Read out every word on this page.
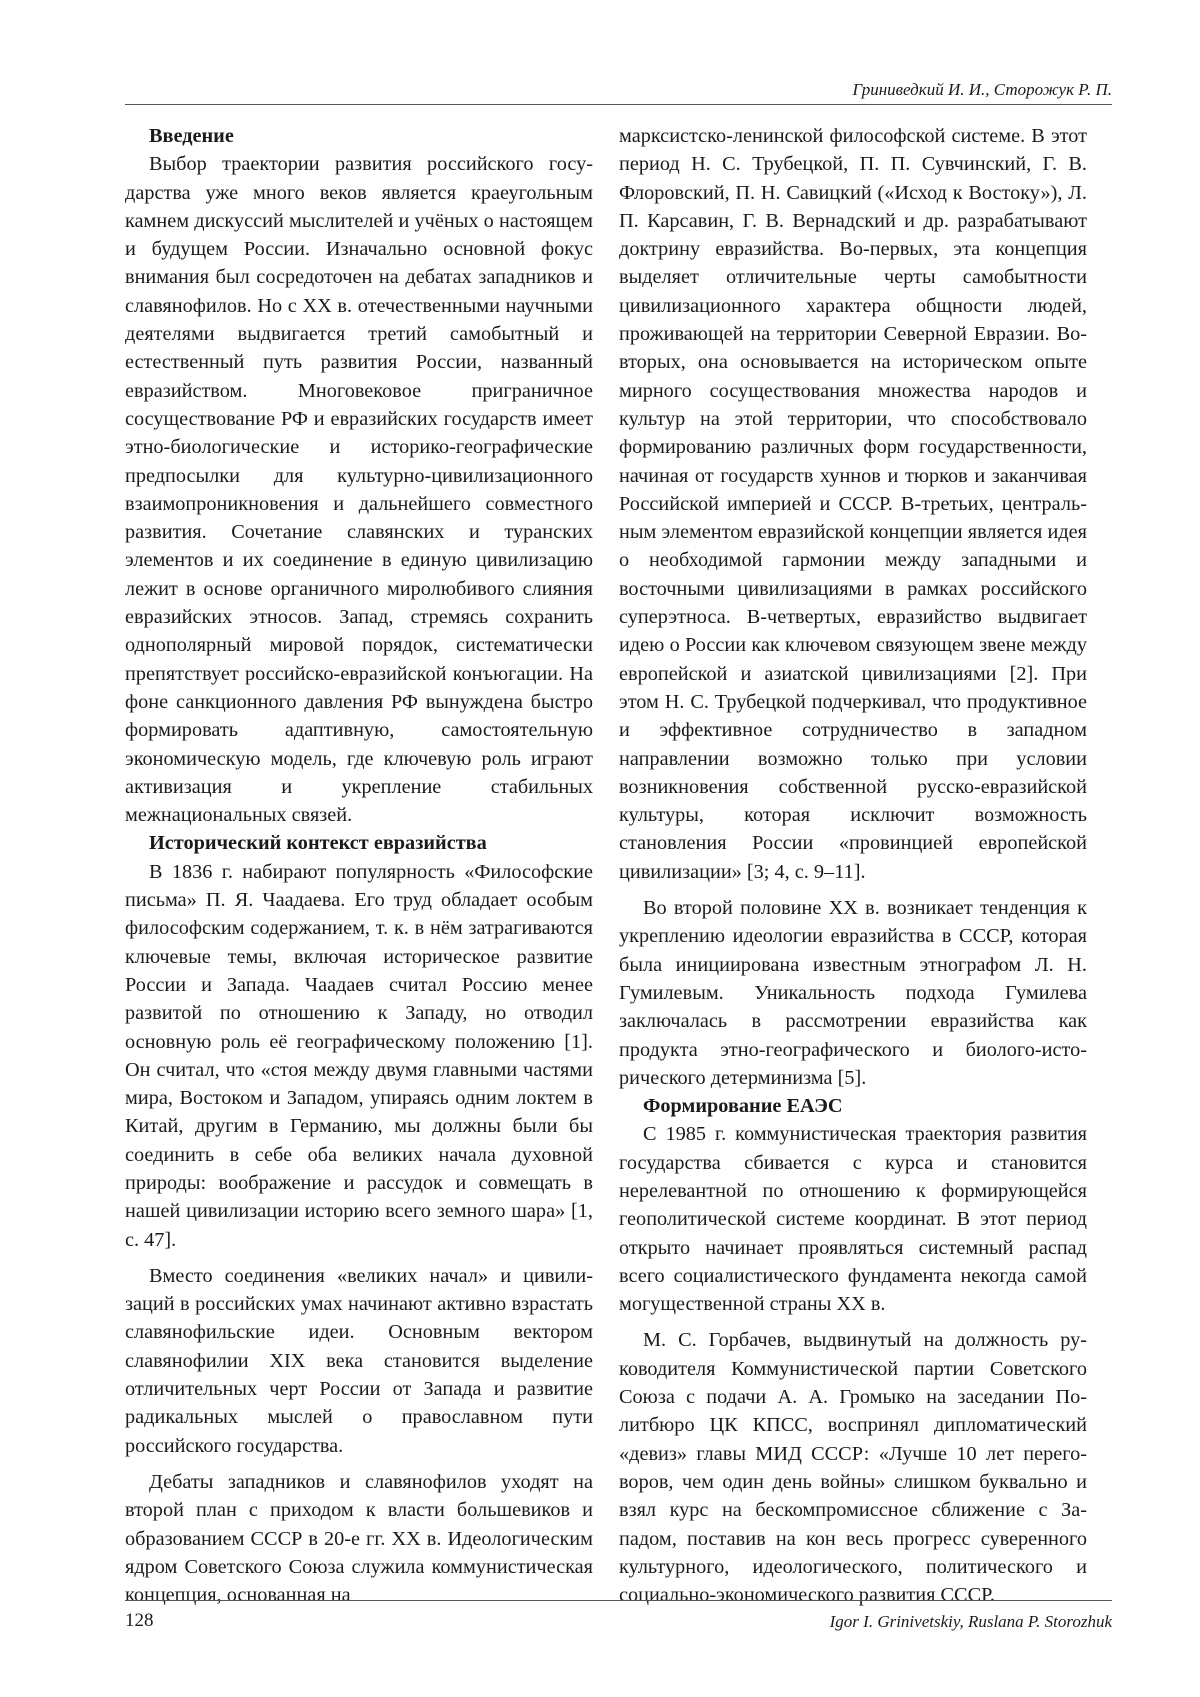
Гриниведкий И. И., Сторожук Р. П.
Введение

Выбор траектории развития российского государства уже много веков является краеугольным камнем дискуссий мыслителей и учёных о настоящем и будущем России. Изначально основной фокус внимания был сосредоточен на дебатах западников и славянофилов. Но с XX в. отечественными научными деятелями выдвигается третий самобытный и естественный путь развития России, названный евразийством. Многовековое приграничное сосуществование РФ и евразийских государств имеет этно-биологические и историко-географические предпосылки для культурно-цивилизационного взаимопроникновения и дальнейшего совместного развития. Сочетание славянских и туранских элементов и их соединение в единую цивилизацию лежит в основе органичного миролюбивого слияния евразийских этносов. Запад, стремясь сохранить однополярный мировой порядок, систематически препятствует российско-евразийской конъюгации. На фоне санкционного давления РФ вынуждена быстро формировать адаптивную, самостоятельную экономическую модель, где ключевую роль играют активизация и укрепление стабильных межнациональных связей.

Исторический контекст евразийства

В 1836 г. набирают популярность «Философские письма» П. Я. Чаадаева. Его труд обладает особым философским содержанием, т. к. в нём затрагиваются ключевые темы, включая историческое развитие России и Запада. Чаадаев считал Россию менее развитой по отношению к Западу, но отводил основную роль её географическому положению [1]. Он считал, что «стоя между двумя главными частями мира, Востоком и Западом, упираясь одним локтем в Китай, другим в Германию, мы должны были бы соединить в себе оба великих начала духовной природы: воображение и рассудок и совмещать в нашей цивилизации историю всего земного шара» [1, с. 47].

Вместо соединения «великих начал» и цивилизаций в российских умах начинают активно взрастать славянофильские идеи. Основным вектором славянофилии XIX века становится выделение отличительных черт России от Запада и развитие радикальных мыслей о православном пути российского государства.

Дебаты западников и славянофилов уходят на второй план с приходом к власти большевиков и образованием СССР в 20-е гг. XX в. Идеологическим ядром Советского Союза служила коммунистическая концепция, основанная на

марксистско-ленинской философской системе. В этот период Н. С. Трубецкой, П. П. Сувчинский, Г. В. Флоровский, П. Н. Савицкий («Исход к Востоку»), Л. П. Карсавин, Г. В. Вернадский и др. разрабатывают доктрину евразийства. Во-первых, эта концепция выделяет отличительные черты самобытности цивилизационного характера общности людей, проживающей на территории Северной Евразии. Во-вторых, она основывается на историческом опыте мирного сосуществования множества народов и культур на этой территории, что способствовало формированию различных форм государственности, начиная от государств хуннов и тюрков и заканчивая Российской империей и СССР. В-третьих, центральным элементом евразийской концепции является идея о необходимой гармонии между западными и восточными цивилизациями в рамках российского суперэтноса. В-четвертых, евразийство выдвигает идею о России как ключевом связующем звене между европейской и азиатской цивилизациями [2]. При этом Н. С. Трубецкой подчеркивал, что продуктивное и эффективное сотрудничество в западном направлении возможно только при условии возникновения собственной русско-евразийской культуры, которая исключит возможность становления России «провинцией европейской цивилизации» [3; 4, с. 9–11].

Во второй половине XX в. возникает тенденция к укреплению идеологии евразийства в СССР, которая была инициирована известным этнографом Л. Н. Гумилевым. Уникальность подхода Гумилева заключалась в рассмотрении евразийства как продукта этно-географического и биолого-исторического детерминизма [5].

Формирование ЕАЭС

С 1985 г. коммунистическая траектория развития государства сбивается с курса и становится нерелевантной по отношению к формирующейся геополитической системе координат. В этот период открыто начинает проявляться системный распад всего социалистического фундамента некогда самой могущественной страны XX в.

М. С. Горбачев, выдвинутый на должность руководителя Коммунистической партии Советского Союза с подачи А. А. Громыко на заседании Политбюро ЦК КПСС, воспринял дипломатический «девиз» главы МИД СССР: «Лучше 10 лет переговоров, чем один день войны» слишком буквально и взял курс на бескомпромиссное сближение с Западом, поставив на кон весь прогресс суверенного культурного, идеологического, политического и социально-экономического развития СССР.

128	Igor I. Grinivetskiy, Ruslana P. Storozhuk
